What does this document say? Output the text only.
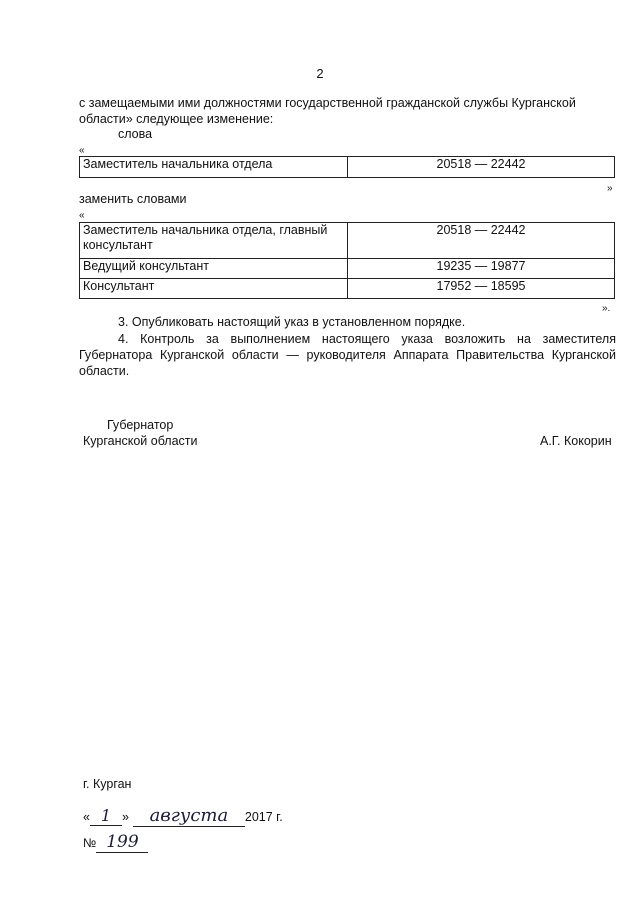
2
с замещаемыми ими должностями государственной гражданской службы Курганской
области» следующее изменение:
слова
«
Заместитель начальника отдела	20518 — 22442
»
заменить словами
«
Заместитель начальника отдела, главный консультант	20518 — 22442
Ведущий консультант	19235 — 19877
Консультант	17952 — 18595
».
3. Опубликовать настоящий указ в установленном порядке.
4. Контроль за выполнением настоящего указа возложить на заместителя Губернатора Курганской области — руководителя Аппарата Правительства Курганской области.
Губернатор
Курганской области	А.Г. Кокорин
г. Курган
« 1 » августа 2017 г.
№ 199
